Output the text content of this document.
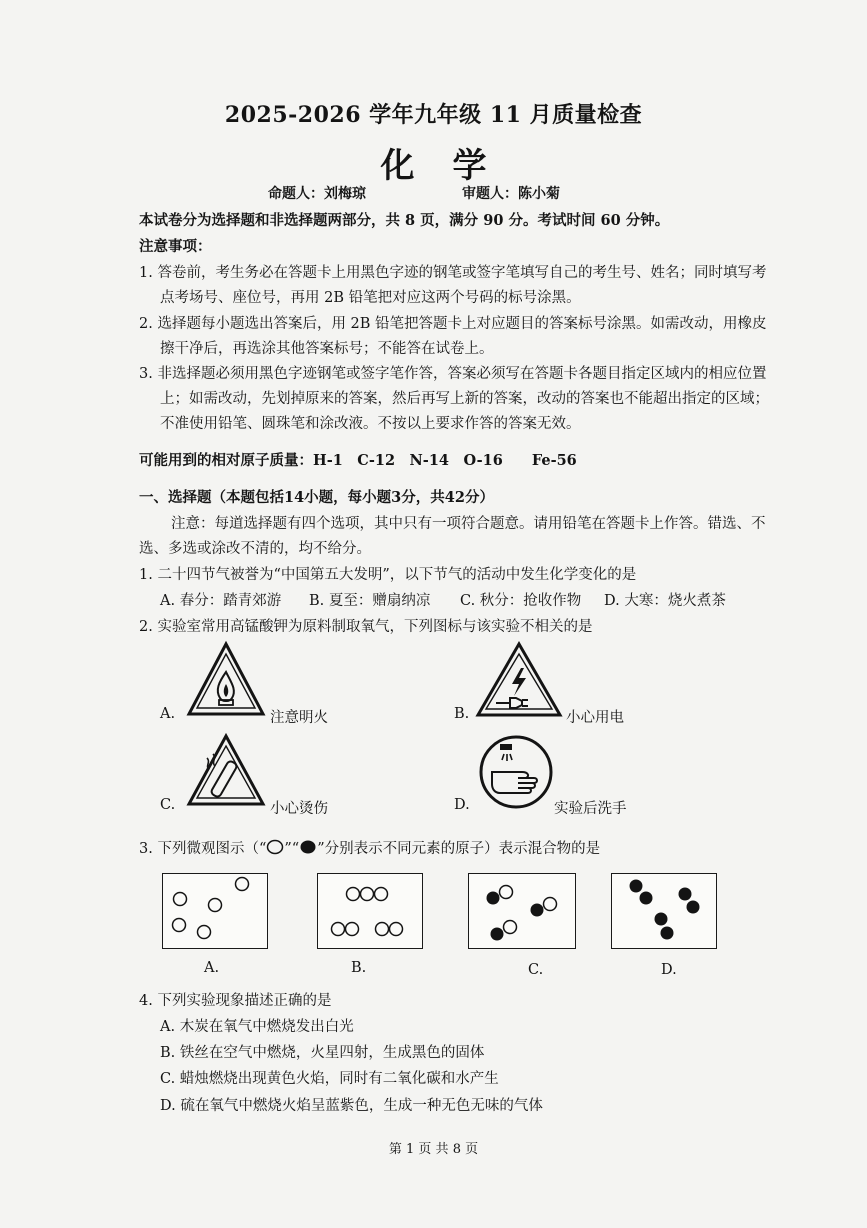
2025-2026 学年九年级 11 月质量检查
化学
命题人：刘梅琼	审题人：陈小菊
本试卷分为选择题和非选择题两部分，共 8 页，满分 90 分。考试时间 60 分钟。
注意事项：
1. 答卷前，考生务必在答题卡上用黑色字迹的钢笔或签字笔填写自己的考生号、姓名；同时填写考
点考场号、座位号，再用 2B 铅笔把对应这两个号码的标号涂黑。
2. 选择题每小题选出答案后，用 2B 铅笔把答题卡上对应题目的答案标号涂黑。如需改动，用橡皮
擦干净后，再选涂其他答案标号；不能答在试卷上。
3. 非选择题必须用黑色字迹钢笔或签字笔作答，答案必须写在答题卡各题目指定区域内的相应位置
上；如需改动，先划掉原来的答案，然后再写上新的答案，改动的答案也不能超出指定的区域；
不准使用铅笔、圆珠笔和涂改液。不按以上要求作答的答案无效。
可能用到的相对原子质量：H-1　C-12　N-14　O-16　　Fe-56
一、选择题（本题包括14小题，每小题3分，共42分）
注意：每道选择题有四个选项，其中只有一项符合题意。请用铅笔在答题卡上作答。错选、不
选、多选或涂改不清的，均不给分。
1. 二十四节气被誉为“中国第五大发明”，以下节气的活动中发生化学变化的是
A. 春分：踏青郊游 B. 夏至：赠扇纳凉 C. 秋分：抢收作物 D. 大寒：烧火煮茶
2. 实验室常用高锰酸钾为原料制取氧气，下列图标与该实验不相关的是
A.	注意明火	B.	小心用电
C.	小心烫伤	D.	实验后洗手
3. 下列微观图示（“ ”“ ”分别表示不同元素的原子）表示混合物的是
A.	B.	C.	D.
4. 下列实验现象描述正确的是
A. 木炭在氧气中燃烧发出白光
B. 铁丝在空气中燃烧，火星四射，生成黑色的固体
C. 蜡烛燃烧出现黄色火焰，同时有二氧化碳和水产生
D. 硫在氧气中燃烧火焰呈蓝紫色，生成一种无色无味的气体
第 1 页 共 8 页
